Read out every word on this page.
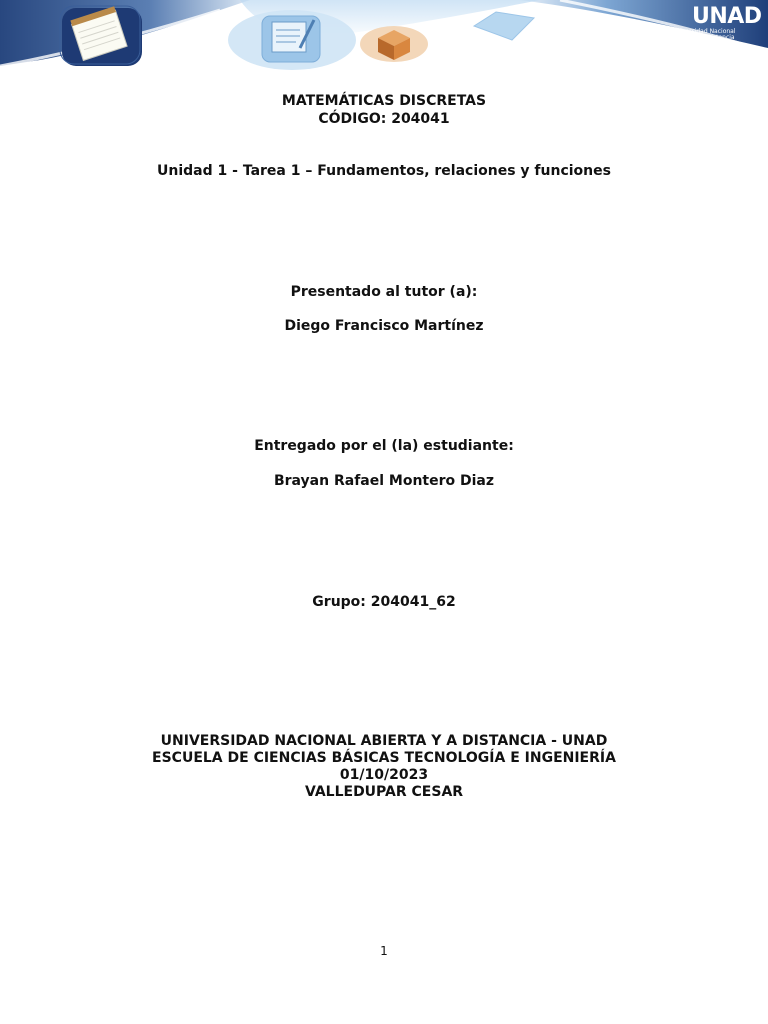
UNAD
Universidad Nacional
Abierta y a Distancia
MATEMÁTICAS DISCRETAS
CÓDIGO: 204041
Unidad 1 - Tarea 1 – Fundamentos, relaciones y funciones
Presentado al tutor (a):
Diego Francisco Martínez
Entregado por el (la) estudiante:
Brayan Rafael Montero Diaz
Grupo: 204041_62
UNIVERSIDAD NACIONAL ABIERTA Y A DISTANCIA - UNAD
ESCUELA DE CIENCIAS BÁSICAS TECNOLOGÍA E INGENIERÍA
01/10/2023
VALLEDUPAR CESAR
1
